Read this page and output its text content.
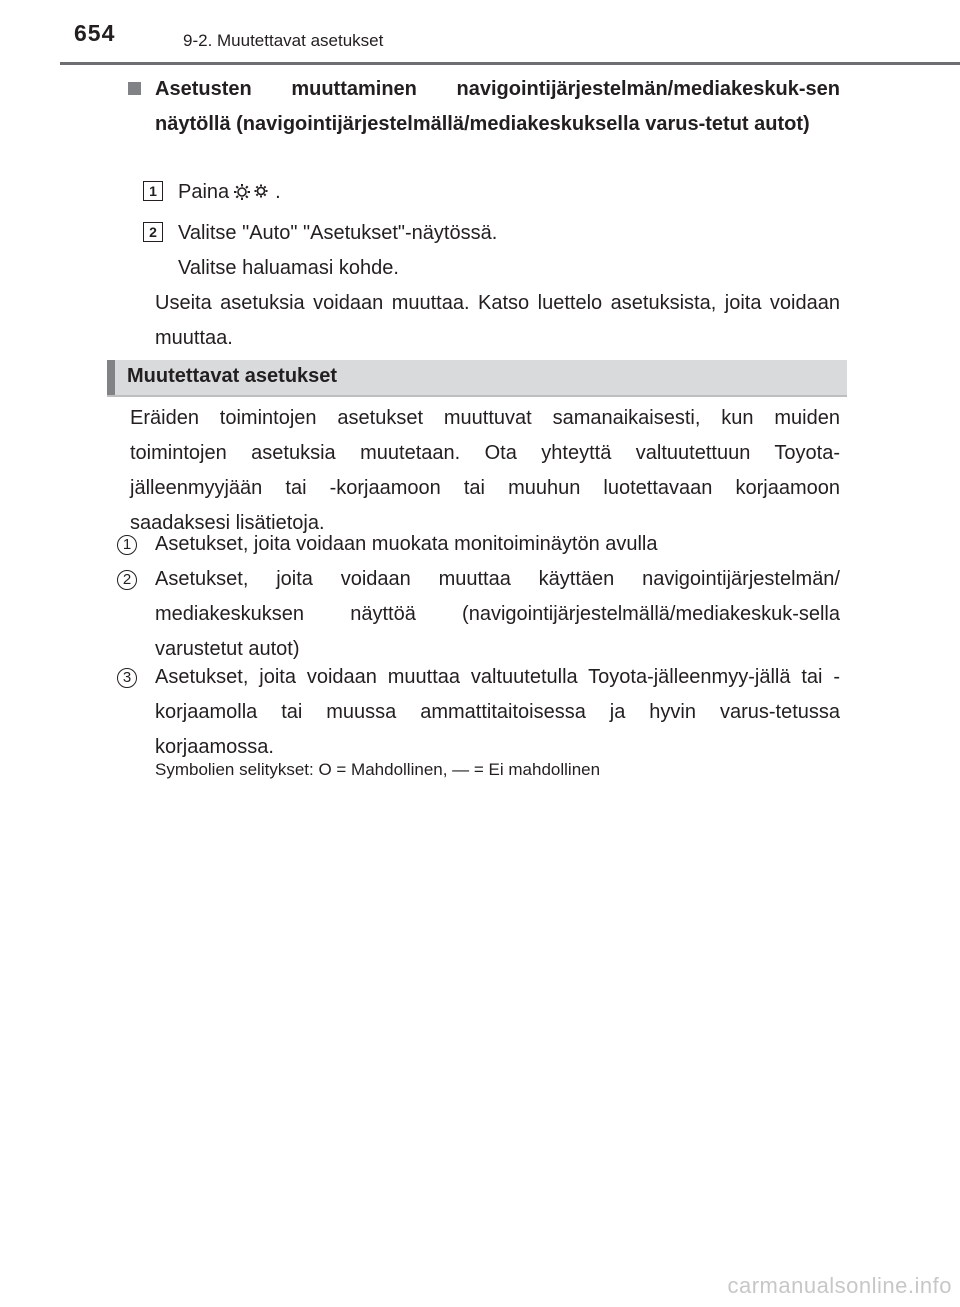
654	9-2. Muutettavat asetukset
Asetusten muuttaminen navigointijärjestelmän/mediakeskuk-sen näytöllä (navigointijärjestelmällä/mediakeskuksella varus-tetut autot)
1	Paina .
2	Valitse "Auto" "Asetukset"-näytössä.
Valitse haluamasi kohde.
Useita asetuksia voidaan muuttaa. Katso luettelo asetuksista, joita voidaan muuttaa.
Muutettavat asetukset
Eräiden toimintojen asetukset muuttuvat samanaikaisesti, kun muiden toimintojen asetuksia muutetaan. Ota yhteyttä valtuutettuun Toyota-jälleenmyyjään tai -korjaamoon tai muuhun luotettavaan korjaamoon saadaksesi lisätietoja.
1 Asetukset, joita voidaan muokata monitoiminäytön avulla
2 Asetukset, joita voidaan muuttaa käyttäen navigointijärjestelmän/ mediakeskuksen näyttöä (navigointijärjestelmällä/mediakeskuk-sella varustetut autot)
3 Asetukset, joita voidaan muuttaa valtuutetulla Toyota-jälleenmyy-jällä tai -korjaamolla tai muussa ammattitaitoisessa ja hyvin varus-tetussa korjaamossa.
Symbolien selitykset: O = Mahdollinen, — = Ei mahdollinen
carmanualsonline.info
